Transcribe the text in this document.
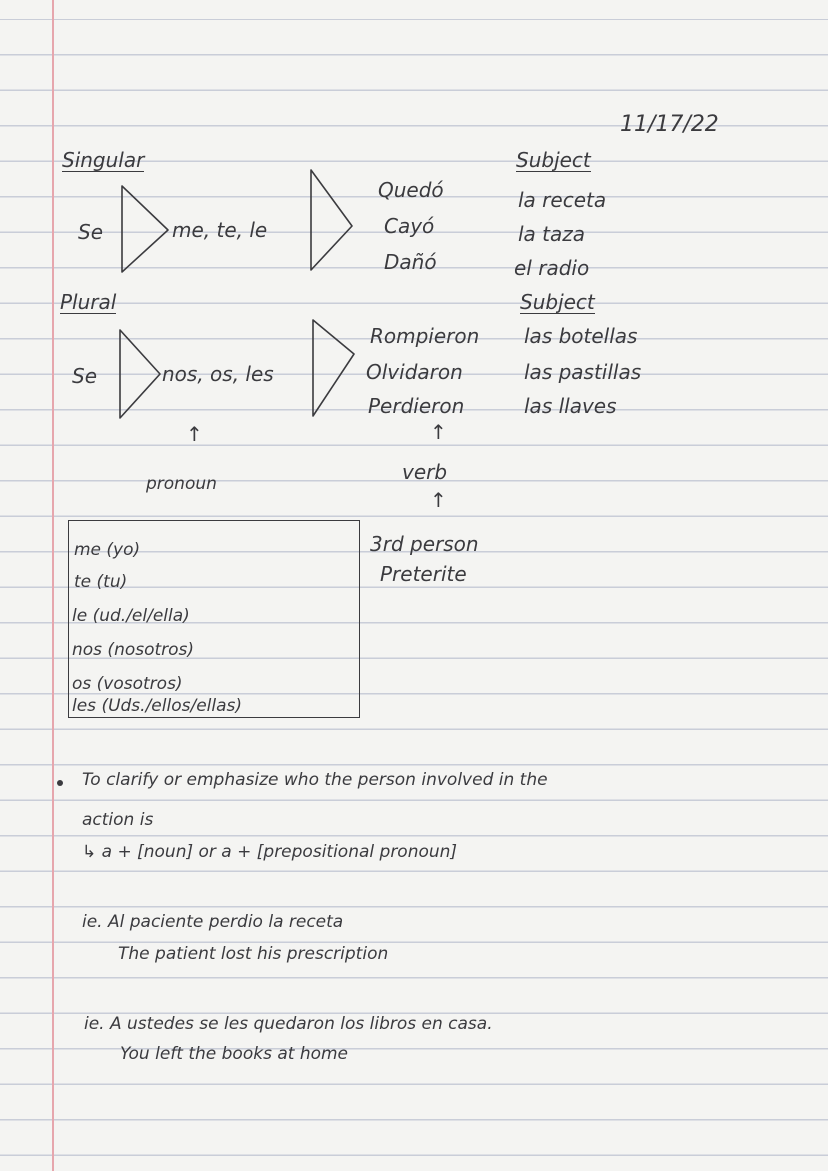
11/17/22
Singular
Se	me, te, le
Quedó
Cayó
Dañó
Subject
la receta
la taza
el radio
Plural
Se	nos, os, les
Rompieron
Olvidaron
Perdieron
Subject
las botellas
las pastillas
las llaves
↑
pronoun
↑
verb
↑
3rd person
Preterite
me (yo)
te (tu)
le (ud./el/ella)
nos (nosotros)
os (vosotros)
les (Uds./ellos/ellas)
To clarify or emphasize who the person involved in the
action is
↳ a + [noun] or a + [prepositional pronoun]
ie. Al paciente perdio la receta
The patient lost his prescription
ie. A ustedes se les quedaron los libros en casa.
You left the books at home
